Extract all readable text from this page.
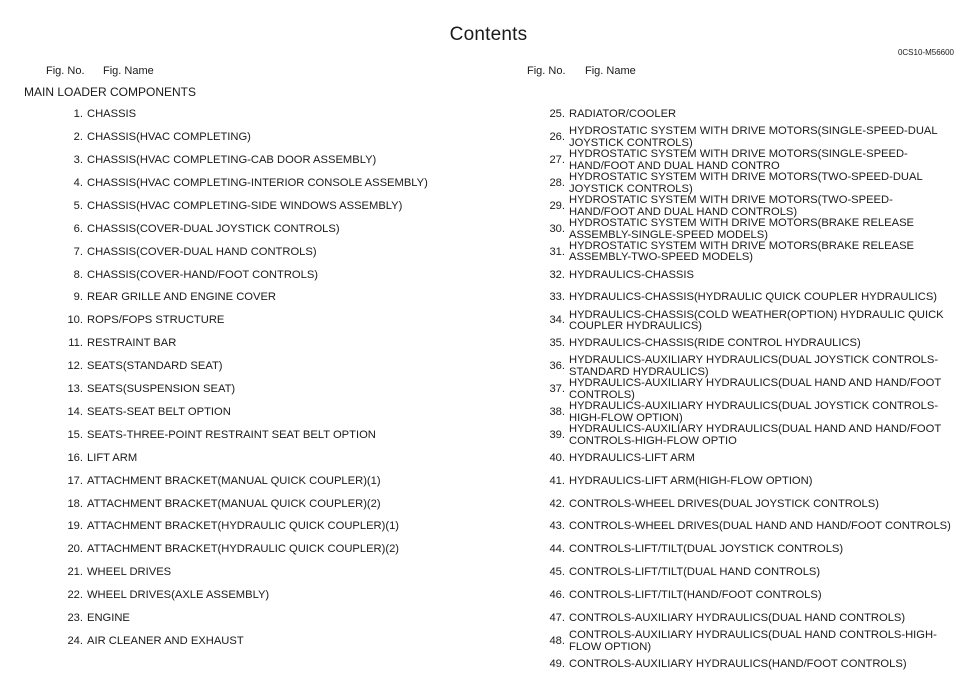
Contents
0CS10-M56600
Fig. No. Fig. Name	Fig. No. Fig. Name
MAIN LOADER COMPONENTS
1. CHASSIS
2. CHASSIS(HVAC COMPLETING)
3. CHASSIS(HVAC COMPLETING-CAB DOOR ASSEMBLY)
4. CHASSIS(HVAC COMPLETING-INTERIOR CONSOLE ASSEMBLY)
5. CHASSIS(HVAC COMPLETING-SIDE WINDOWS ASSEMBLY)
6. CHASSIS(COVER-DUAL JOYSTICK CONTROLS)
7. CHASSIS(COVER-DUAL HAND CONTROLS)
8. CHASSIS(COVER-HAND/FOOT CONTROLS)
9. REAR GRILLE AND ENGINE COVER
10. ROPS/FOPS STRUCTURE
11. RESTRAINT BAR
12. SEATS(STANDARD SEAT)
13. SEATS(SUSPENSION SEAT)
14. SEATS-SEAT BELT OPTION
15. SEATS-THREE-POINT RESTRAINT SEAT BELT OPTION
16. LIFT ARM
17. ATTACHMENT BRACKET(MANUAL QUICK COUPLER)(1)
18. ATTACHMENT BRACKET(MANUAL QUICK COUPLER)(2)
19. ATTACHMENT BRACKET(HYDRAULIC QUICK COUPLER)(1)
20. ATTACHMENT BRACKET(HYDRAULIC QUICK COUPLER)(2)
21. WHEEL DRIVES
22. WHEEL DRIVES(AXLE ASSEMBLY)
23. ENGINE
24. AIR CLEANER AND EXHAUST
25. RADIATOR/COOLER
26. HYDROSTATIC SYSTEM WITH DRIVE MOTORS(SINGLE-SPEED-DUAL JOYSTICK CONTROLS)
27. HYDROSTATIC SYSTEM WITH DRIVE MOTORS(SINGLE-SPEED-HAND/FOOT AND DUAL HAND CONTRO
28. HYDROSTATIC SYSTEM WITH DRIVE MOTORS(TWO-SPEED-DUAL JOYSTICK CONTROLS)
29. HYDROSTATIC SYSTEM WITH DRIVE MOTORS(TWO-SPEED-HAND/FOOT AND DUAL HAND CONTROLS)
30. HYDROSTATIC SYSTEM WITH DRIVE MOTORS(BRAKE RELEASE ASSEMBLY-SINGLE-SPEED MODELS)
31. HYDROSTATIC SYSTEM WITH DRIVE MOTORS(BRAKE RELEASE ASSEMBLY-TWO-SPEED MODELS)
32. HYDRAULICS-CHASSIS
33. HYDRAULICS-CHASSIS(HYDRAULIC QUICK COUPLER HYDRAULICS)
34. HYDRAULICS-CHASSIS(COLD WEATHER(OPTION) HYDRAULIC QUICK COUPLER HYDRAULICS)
35. HYDRAULICS-CHASSIS(RIDE CONTROL HYDRAULICS)
36. HYDRAULICS-AUXILIARY HYDRAULICS(DUAL JOYSTICK CONTROLS-STANDARD HYDRAULICS)
37. HYDRAULICS-AUXILIARY HYDRAULICS(DUAL HAND AND HAND/FOOT CONTROLS)
38. HYDRAULICS-AUXILIARY HYDRAULICS(DUAL JOYSTICK CONTROLS-HIGH-FLOW OPTION)
39. HYDRAULICS-AUXILIARY HYDRAULICS(DUAL HAND AND HAND/FOOT CONTROLS-HIGH-FLOW OPTIO
40. HYDRAULICS-LIFT ARM
41. HYDRAULICS-LIFT ARM(HIGH-FLOW OPTION)
42. CONTROLS-WHEEL DRIVES(DUAL JOYSTICK CONTROLS)
43. CONTROLS-WHEEL DRIVES(DUAL HAND AND HAND/FOOT CONTROLS)
44. CONTROLS-LIFT/TILT(DUAL JOYSTICK CONTROLS)
45. CONTROLS-LIFT/TILT(DUAL HAND CONTROLS)
46. CONTROLS-LIFT/TILT(HAND/FOOT CONTROLS)
47. CONTROLS-AUXILIARY HYDRAULICS(DUAL HAND CONTROLS)
48. CONTROLS-AUXILIARY HYDRAULICS(DUAL HAND CONTROLS-HIGH-FLOW OPTION)
49. CONTROLS-AUXILIARY HYDRAULICS(HAND/FOOT CONTROLS)
